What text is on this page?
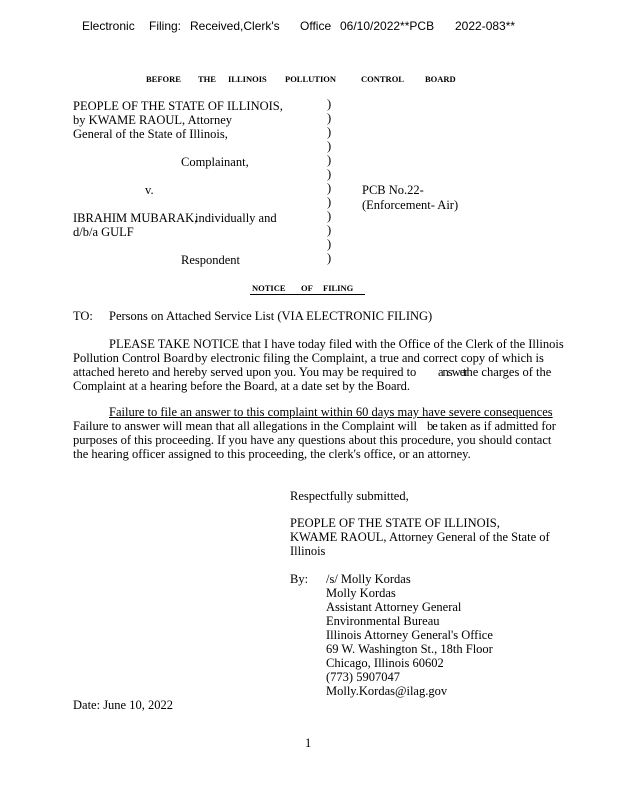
Electronic Filing: Received,Clerk's Office 06/10/2022**PCB 2022-083**
BEFORE THE ILLINOIS POLLUTION	CONTROL BOARD
PEOPLE OF THE STATE OF ILLINOIS,
by KWAME RAOUL, Attorney
General of the State of Illinois,
Complainant,
v.
IBRAHIM MUBARAK,
individually and
d/b/a GULF
Respondent
)
)
)
)
)
)
)
)
)
)
)
)
PCB No.22-
(Enforcement- Air)
NOTICE OF FILING
TO: Persons on Attached Service List (VIA ELECTRONIC FILING)
PLEASE TAKE NOTICE that I have today filed with the Office of the Clerk of the Illinois
Pollution Control Board by electronic filing the Complaint, a true and correct copy of which is
attached hereto and hereby served upon you. You may be required to answer
the charges of the
Complaint at a hearing before the Board, at a date set by the Board.
Failure to file an answer to this complaint within 60 days may have severe consequences
Failure to answer will mean that all allegations in the Complaint will be taken as if admitted for
purposes of this proceeding. If you have any questions about this procedure, you should contact
the hearing officer assigned to this proceeding, the clerk's office, or an attorney.
Respectfully submitted,
PEOPLE OF THE STATE OF ILLINOIS,
KWAME RAOUL, Attorney General of the State of
Illinois
By: /s/ Molly Kordas
Molly Kordas
Assistant Attorney General
Environmental Bureau
Illinois Attorney General's Office
69 W. Washington St., 18th Floor
Chicago, Illinois 60602
(773) 5907047
Molly.Kordas@ilag.gov
Date: June 10, 2022
1
